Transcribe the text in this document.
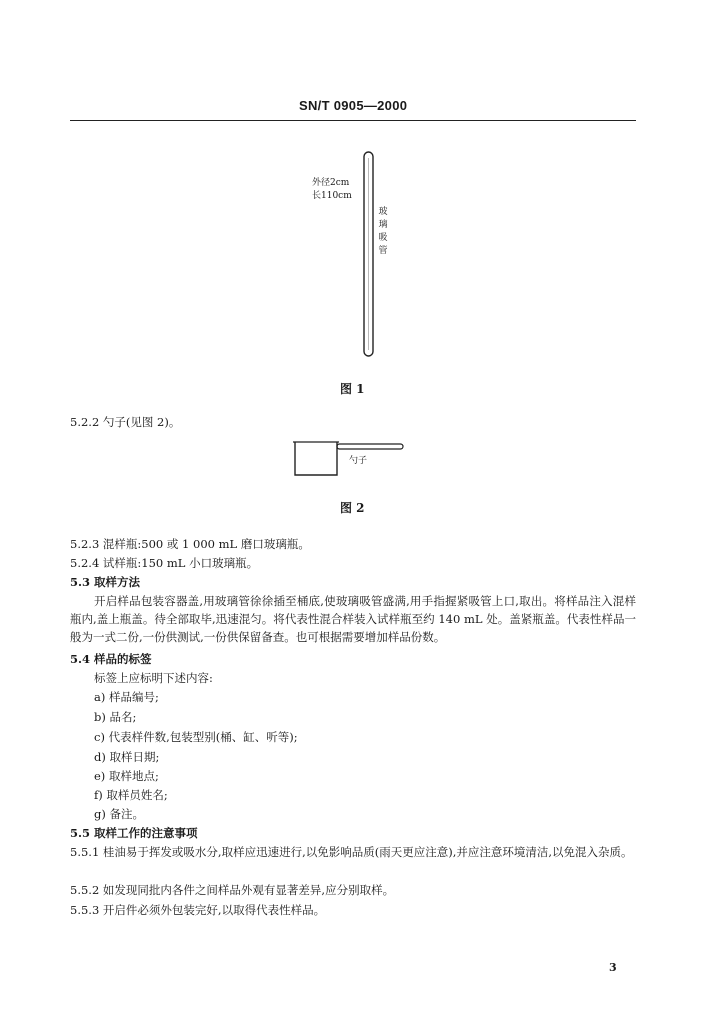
SN/T 0905—2000
外径2cm
长110cm
玻
璃
吸
管
图 1
5.2.2 勺子(见图 2)。
勺子
图 2
5.2.3 混样瓶:500 或 1 000 mL 磨口玻璃瓶。
5.2.4 试样瓶:150 mL 小口玻璃瓶。
5.3 取样方法
开启样品包装容器盖,用玻璃管徐徐插至桶底,使玻璃吸管盛满,用手指握紧吸管上口,取出。将样品注入混样瓶内,盖上瓶盖。待全部取毕,迅速混匀。将代表性混合样装入试样瓶至约 140 mL 处。盖紧瓶盖。代表性样品一般为一式二份,一份供测试,一份供保留备查。也可根据需要增加样品份数。
5.4 样品的标签
标签上应标明下述内容:
a) 样品编号;
b) 品名;
c) 代表样件数,包装型别(桶、缸、听等);
d) 取样日期;
e) 取样地点;
f) 取样员姓名;
g) 备注。
5.5 取样工作的注意事项
5.5.1 桂油易于挥发或吸水分,取样应迅速进行,以免影响品质(雨天更应注意),并应注意环境清洁,以免混入杂质。
5.5.2 如发现同批内各件之间样品外观有显著差异,应分别取样。
5.5.3 开启件必须外包装完好,以取得代表性样品。
3
